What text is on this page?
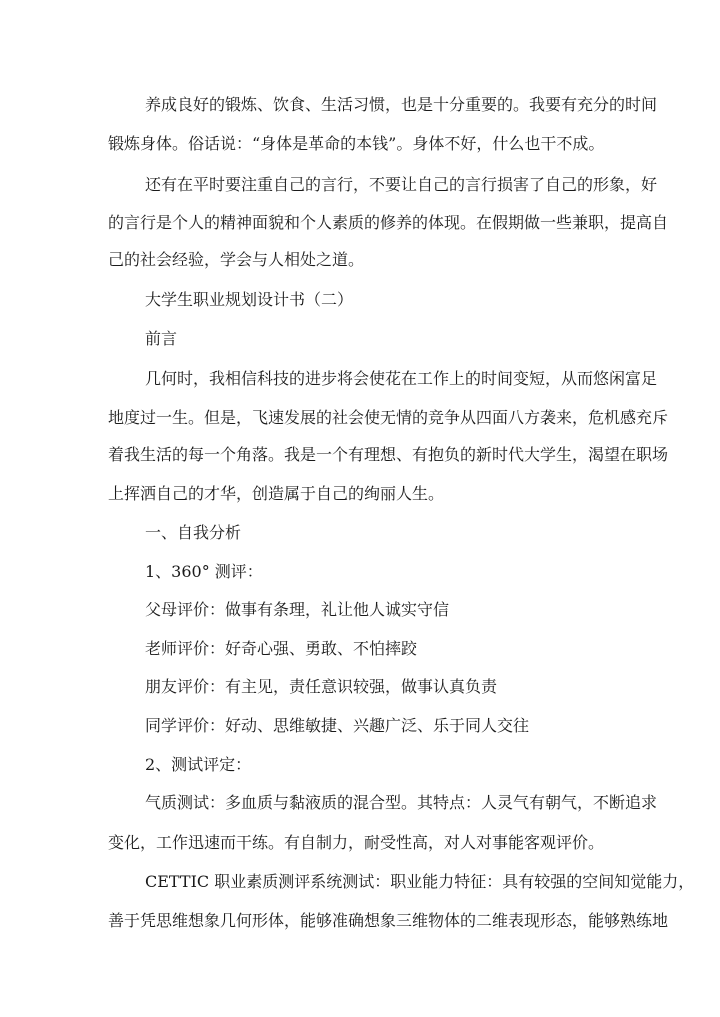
养成良好的锻炼、饮食、生活习惯，也是十分重要的。我要有充分的时间
锻炼身体。俗话说：“身体是革命的本钱”。身体不好，什么也干不成。
还有在平时要注重自己的言行，不要让自己的言行损害了自己的形象，好
的言行是个人的精神面貌和个人素质的修养的体现。在假期做一些兼职，提高自
己的社会经验，学会与人相处之道。
大学生职业规划设计书（二）
前言
几何时，我相信科技的进步将会使花在工作上的时间变短，从而悠闲富足
地度过一生。但是，飞速发展的社会使无情的竞争从四面八方袭来，危机感充斥
着我生活的每一个角落。我是一个有理想、有抱负的新时代大学生，渴望在职场
上挥洒自己的才华，创造属于自己的绚丽人生。
一、自我分析
1、360° 测评：
父母评价：做事有条理，礼让他人诚实守信
老师评价：好奇心强、勇敢、不怕摔跤
朋友评价：有主见，责任意识较强，做事认真负责
同学评价：好动、思维敏捷、兴趣广泛、乐于同人交往
2、测试评定：
气质测试：多血质与黏液质的混合型。其特点：人灵气有朝气，不断追求
变化，工作迅速而干练。有自制力，耐受性高，对人对事能客观评价。
CETTIC 职业素质测评系统测试：职业能力特征：具有较强的空间知觉能力，
善于凭思维想象几何形体，能够准确想象三维物体的二维表现形态，能够熟练地
